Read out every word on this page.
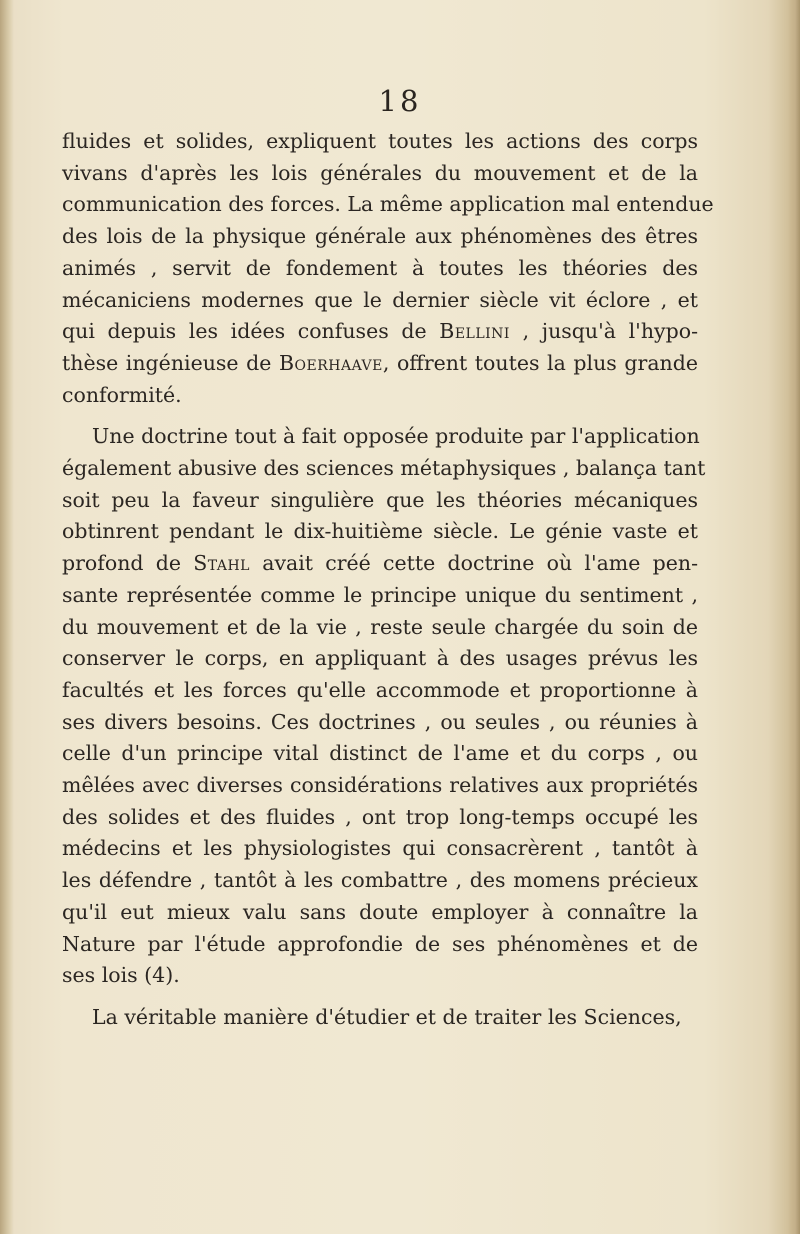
18
fluides et solides, expliquent toutes les actions des corps
vivans d'après les lois générales du mouvement et de la
communication des forces. La même application mal entendue
des lois de la physique générale aux phénomènes des êtres
animés , servit de fondement à toutes les théories des
mécaniciens modernes que le dernier siècle vit éclore , et
qui depuis les idées confuses de Bellini , jusqu'à l'hypo-
thèse ingénieuse de Boerhaave, offrent toutes la plus grande
conformité.
Une doctrine tout à fait opposée produite par l'application
également abusive des sciences métaphysiques , balança tant
soit peu la faveur singulière que les théories mécaniques
obtinrent pendant le dix-huitième siècle. Le génie vaste et
profond de Stahl avait créé cette doctrine où l'ame pen-
sante représentée comme le principe unique du sentiment ,
du mouvement et de la vie , reste seule chargée du soin de
conserver le corps, en appliquant à des usages prévus les
facultés et les forces qu'elle accommode et proportionne à
ses divers besoins. Ces doctrines , ou seules , ou réunies à
celle d'un principe vital distinct de l'ame et du corps , ou
mêlées avec diverses considérations relatives aux propriétés
des solides et des fluides , ont trop long-temps occupé les
médecins et les physiologistes qui consacrèrent , tantôt à
les défendre , tantôt à les combattre , des momens précieux
qu'il eut mieux valu sans doute employer à connaître la
Nature par l'étude approfondie de ses phénomènes et de
ses lois (4).
La véritable manière d'étudier et de traiter les Sciences,
